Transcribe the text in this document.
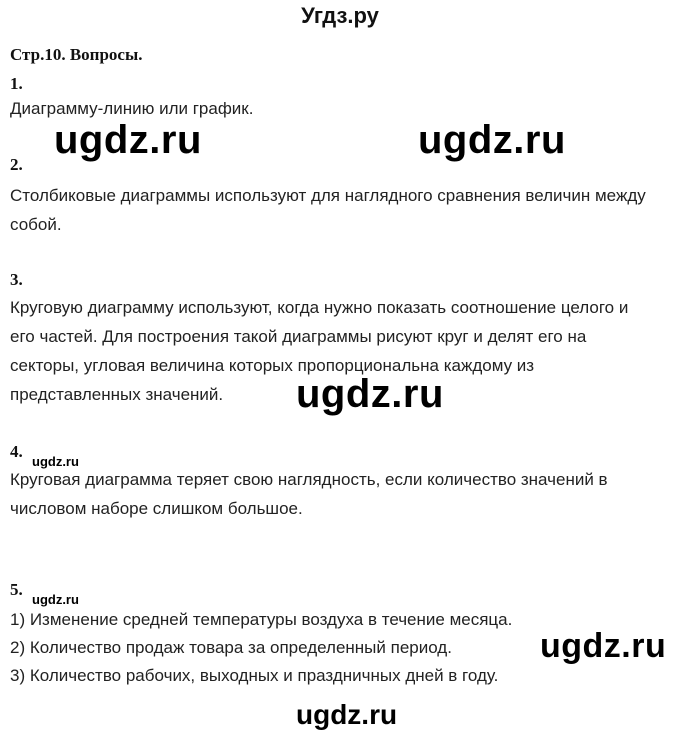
Угдз.ру
Стр.10. Вопросы.
1.
Диаграмму-линию или график.
2.
Столбиковые диаграммы используют для наглядного сравнения величин между
собой.
3.
Круговую диаграмму используют, когда нужно показать соотношение целого и
его частей. Для построения такой диаграммы рисуют круг и делят его на
секторы, угловая величина которых пропорциональна каждому из
представленных значений.
4.
Круговая диаграмма теряет свою наглядность, если количество значений в
числовом наборе слишком большое.
5.
1) Изменение средней температуры воздуха в течение месяца.
2) Количество продаж товара за определенный период.
3) Количество рабочих, выходных и праздничных дней в году.
ugdz.ru	ugdz.ru
ugdz.ru
ugdz.ru
ugdz.ru
ugdz.ru
ugdz.ru
